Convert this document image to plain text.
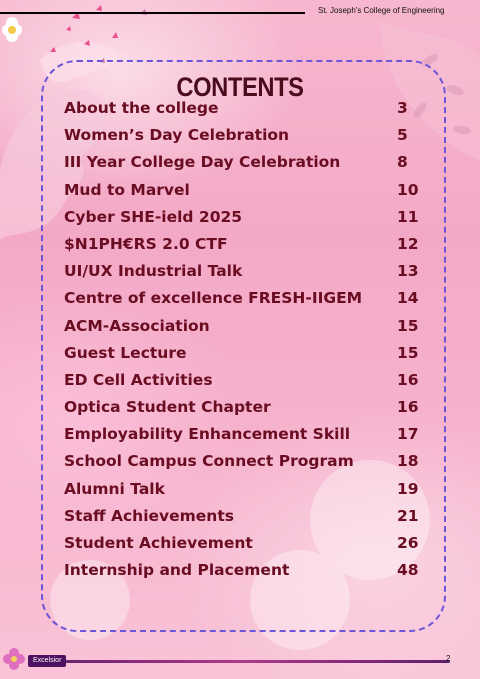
St. Joseph's College of Engineering
CONTENTS
About the college	3
Women’s Day Celebration	5
III Year College Day Celebration	8
Mud to Marvel	10
Cyber SHE-ield 2025	11
$N1PH€RS 2.0 CTF	12
UI/UX Industrial Talk	13
Centre of excellence FRESH-IIGEM 14
ACM-Association	15
Guest Lecture	15
ED Cell Activities	16
Optica Student Chapter	16
Employability Enhancement Skill	17
School Campus Connect Program	18
Alumni Talk	19
Staff Achievements	21
Student Achievement	26
Internship and Placement	48
Excelsior	2
